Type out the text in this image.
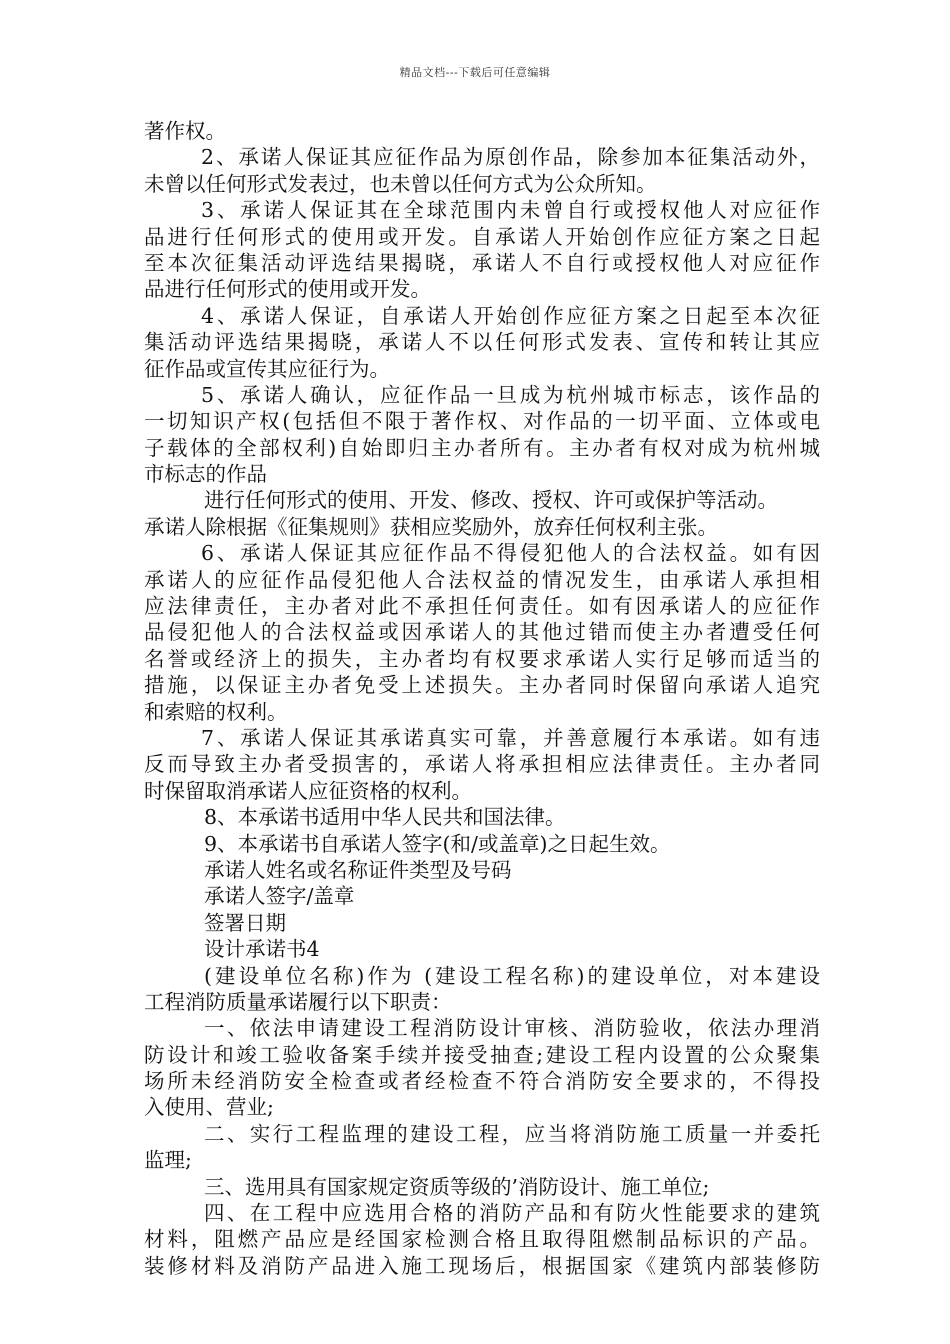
精品文档---下载后可任意编辑
著作权。
2、承诺人保证其应征作品为原创作品，除参加本征集活动外，
未曾以任何形式发表过，也未曾以任何方式为公众所知。
3、承诺人保证其在全球范围内未曾自行或授权他人对应征作
品进行任何形式的使用或开发。自承诺人开始创作应征方案之日起
至本次征集活动评选结果揭晓，承诺人不自行或授权他人对应征作
品进行任何形式的使用或开发。
4、承诺人保证，自承诺人开始创作应征方案之日起至本次征
集活动评选结果揭晓，承诺人不以任何形式发表、宣传和转让其应
征作品或宣传其应征行为。
5、承诺人确认，应征作品一旦成为杭州城市标志，该作品的
一切知识产权(包括但不限于著作权、对作品的一切平面、立体或电
子载体的全部权利)自始即归主办者所有。主办者有权对成为杭州城
市标志的作品
进行任何形式的使用、开发、修改、授权、许可或保护等活动。
承诺人除根据《征集规则》获相应奖励外，放弃任何权利主张。
6、承诺人保证其应征作品不得侵犯他人的合法权益。如有因
承诺人的应征作品侵犯他人合法权益的情况发生，由承诺人承担相
应法律责任，主办者对此不承担任何责任。如有因承诺人的应征作
品侵犯他人的合法权益或因承诺人的其他过错而使主办者遭受任何
名誉或经济上的损失，主办者均有权要求承诺人实行足够而适当的
措施，以保证主办者免受上述损失。主办者同时保留向承诺人追究
和索赔的权利。
7、承诺人保证其承诺真实可靠，并善意履行本承诺。如有违
反而导致主办者受损害的，承诺人将承担相应法律责任。主办者同
时保留取消承诺人应征资格的权利。
8、本承诺书适用中华人民共和国法律。
9、本承诺书自承诺人签字(和/或盖章)之日起生效。
承诺人姓名或名称证件类型及号码
承诺人签字/盖章
签署日期
设计承诺书4
(建设单位名称)作为 (建设工程名称)的建设单位，对本建设
工程消防质量承诺履行以下职责：
一、依法申请建设工程消防设计审核、消防验收，依法办理消
防设计和竣工验收备案手续并接受抽查;建设工程内设置的公众聚集
场所未经消防安全检查或者经检查不符合消防安全要求的，不得投
入使用、营业;
二、实行工程监理的建设工程，应当将消防施工质量一并委托
监理;
三、选用具有国家规定资质等级的’消防设计、施工单位;
四、在工程中应选用合格的消防产品和有防火性能要求的建筑
材料，阻燃产品应是经国家检测合格且取得阻燃制品标识的产品。
装修材料及消防产品进入施工现场后，根据国家《建筑内部装修防
